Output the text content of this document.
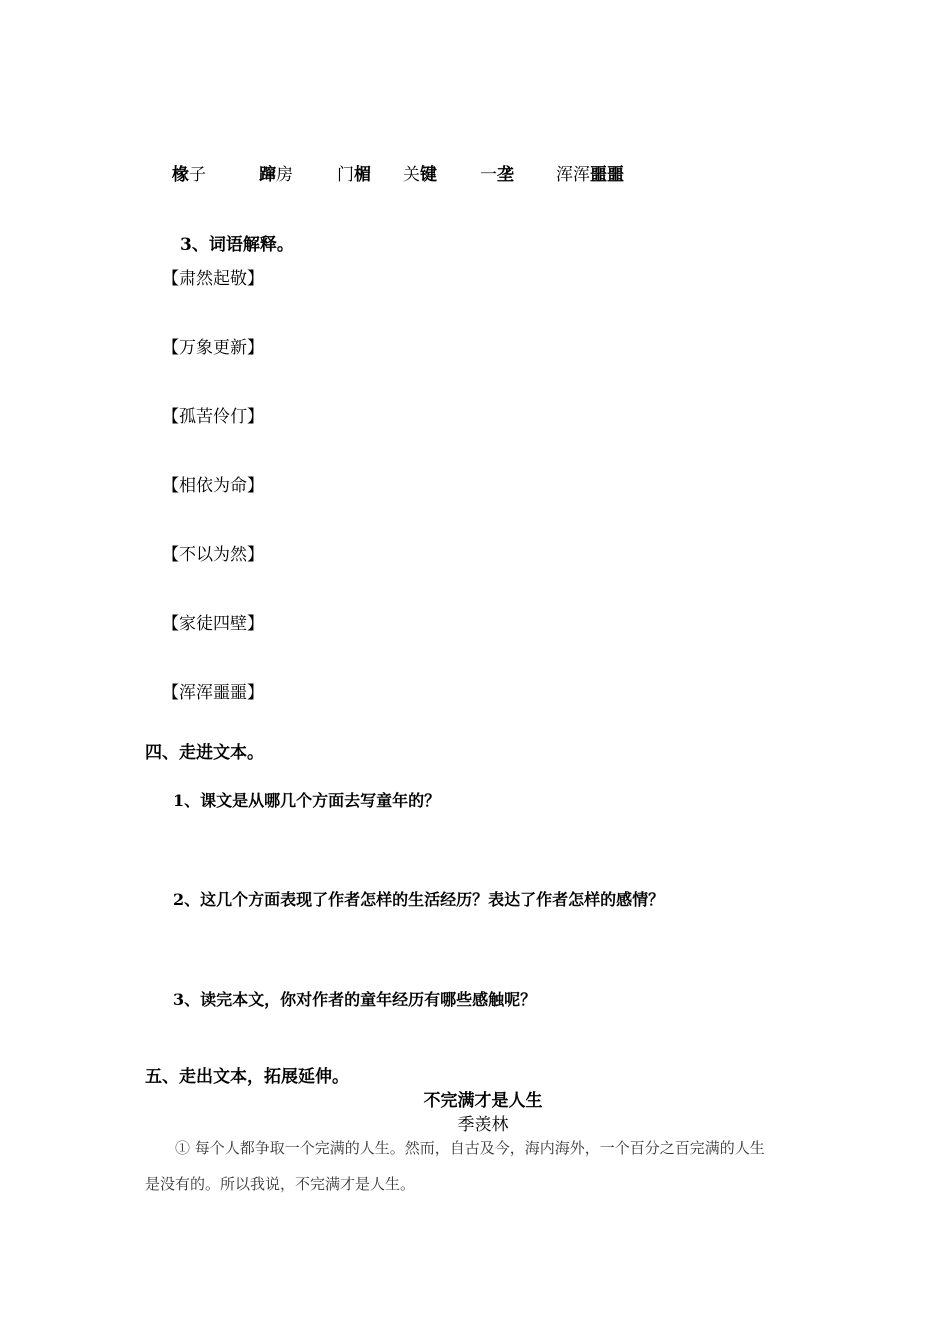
椽子	蹿房	门楣 关键	一垄 浑浑噩噩
3、词语解释。
【肃然起敬】
【万象更新】
【孤苦伶仃】
【相依为命】
【不以为然】
【家徒四壁】
【浑浑噩噩】
四、走进文本。
1、课文是从哪几个方面去写童年的？
2、这几个方面表现了作者怎样的生活经历？表达了作者怎样的感情？
3、读完本文，你对作者的童年经历有哪些感触呢？
五、走出文本，拓展延伸。
不完满才是人生
季羡林
① 每个人都争取一个完满的人生。然而，自古及今，海内海外，一个百分之百完满的人生
是没有的。所以我说，不完满才是人生。
